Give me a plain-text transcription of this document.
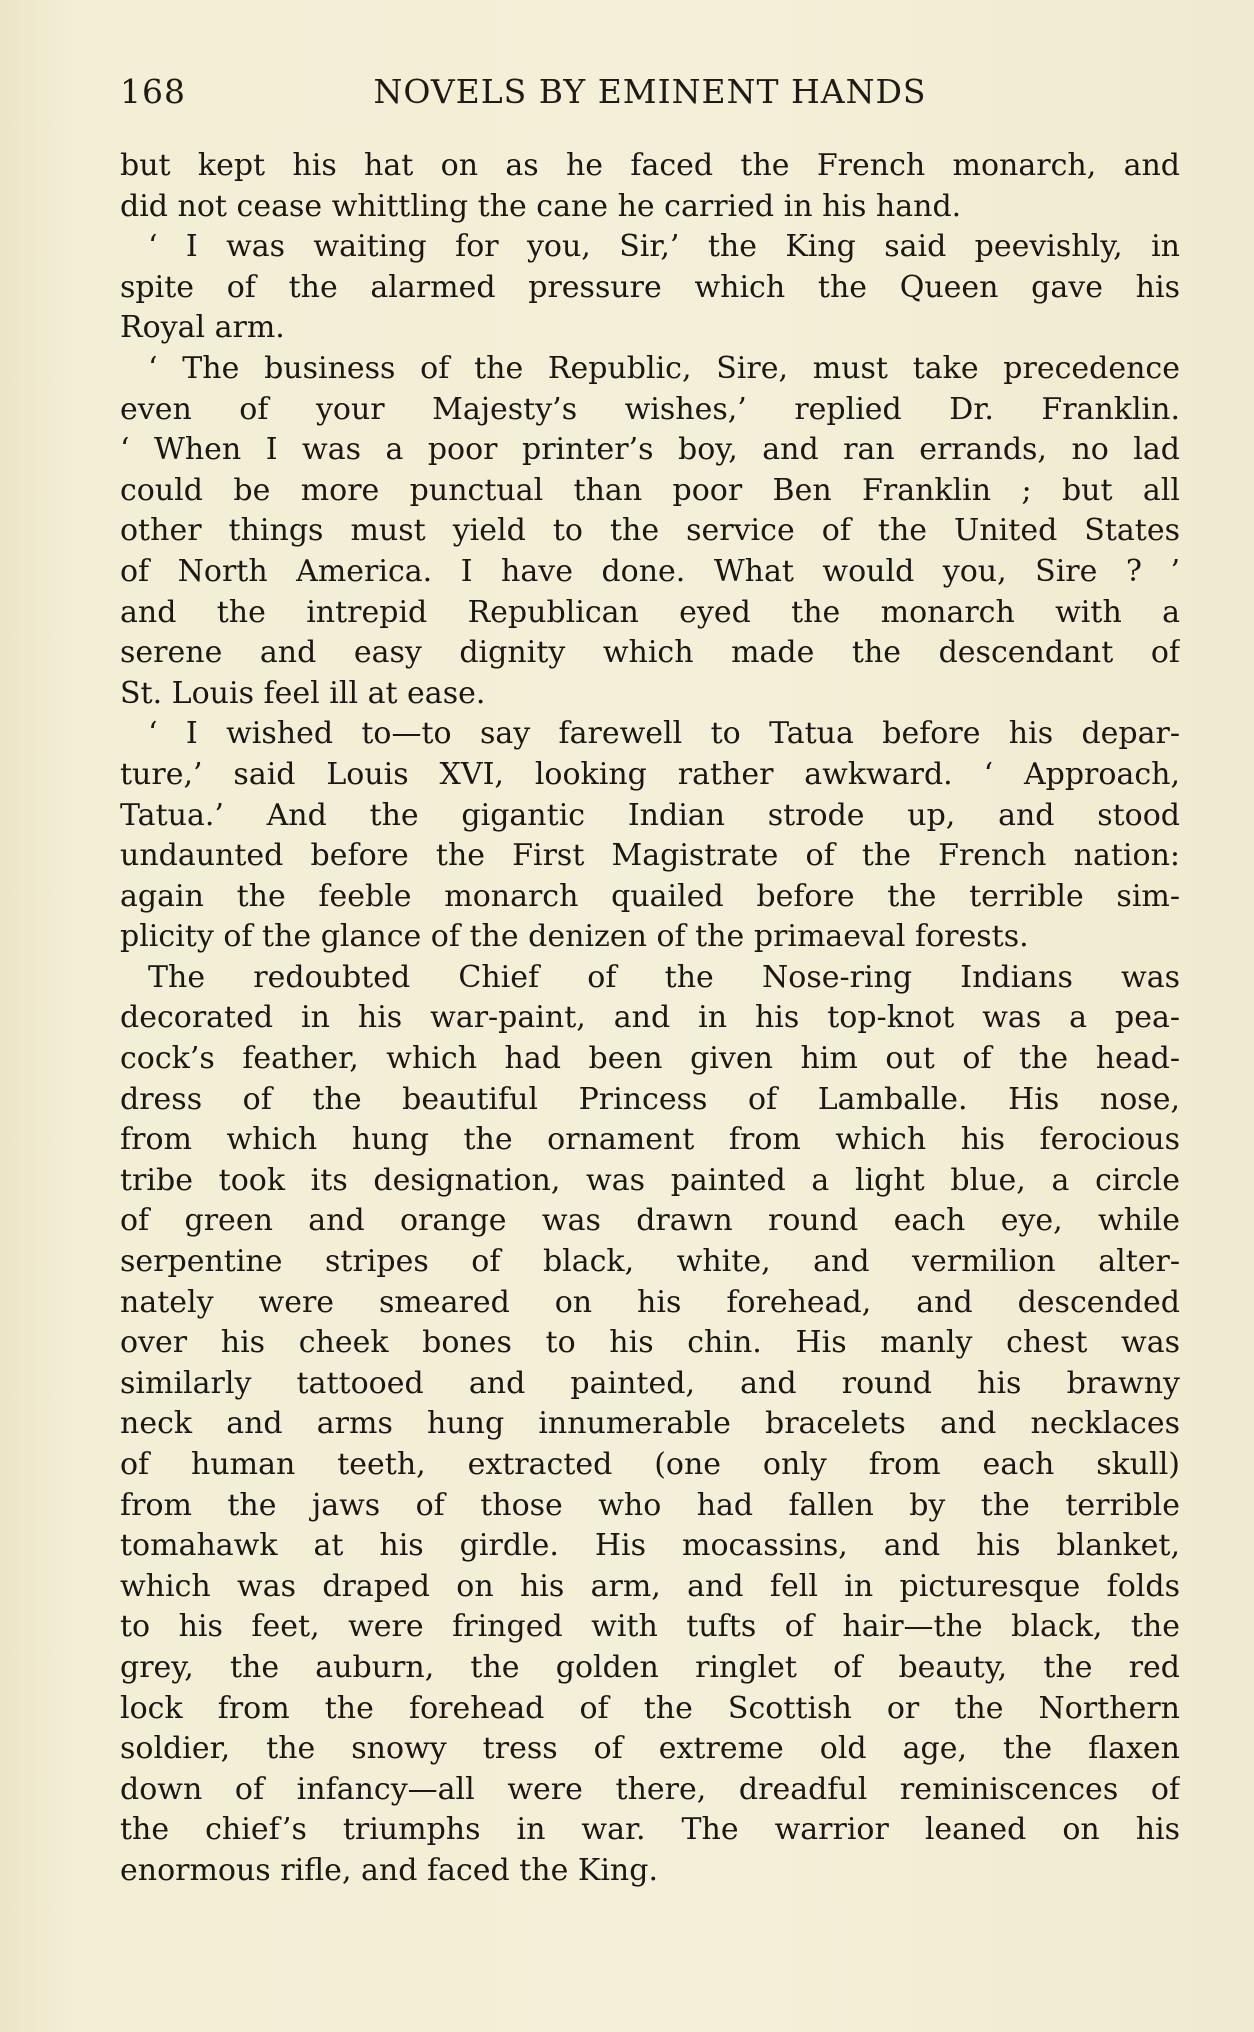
168	NOVELS BY EMINENT HANDS
but kept his hat on as he faced the French monarch, and
did not cease whittling the cane he carried in his hand.
‘ I was waiting for you, Sir,’ the King said peevishly, in
spite of the alarmed pressure which the Queen gave his
Royal arm.
‘ The business of the Republic, Sire, must take precedence
even of your Majesty’s wishes,’ replied Dr. Franklin.
‘ When I was a poor printer’s boy, and ran errands, no lad
could be more punctual than poor Ben Franklin ; but all
other things must yield to the service of the United States
of North America. I have done. What would you, Sire ? ’
and the intrepid Republican eyed the monarch with a
serene and easy dignity which made the descendant of
St. Louis feel ill at ease.
‘ I wished to—to say farewell to Tatua before his depar-
ture,’ said Louis XVI, looking rather awkward. ‘ Approach,
Tatua.’ And the gigantic Indian strode up, and stood
undaunted before the First Magistrate of the French nation:
again the feeble monarch quailed before the terrible sim-
plicity of the glance of the denizen of the primaeval forests.
The redoubted Chief of the Nose-ring Indians was
decorated in his war-paint, and in his top-knot was a pea-
cock’s feather, which had been given him out of the head-
dress of the beautiful Princess of Lamballe. His nose,
from which hung the ornament from which his ferocious
tribe took its designation, was painted a light blue, a circle
of green and orange was drawn round each eye, while
serpentine stripes of black, white, and vermilion alter-
nately were smeared on his forehead, and descended
over his cheek bones to his chin. His manly chest was
similarly tattooed and painted, and round his brawny
neck and arms hung innumerable bracelets and necklaces
of human teeth, extracted (one only from each skull)
from the jaws of those who had fallen by the terrible
tomahawk at his girdle. His mocassins, and his blanket,
which was draped on his arm, and fell in picturesque folds
to his feet, were fringed with tufts of hair—the black, the
grey, the auburn, the golden ringlet of beauty, the red
lock from the forehead of the Scottish or the Northern
soldier, the snowy tress of extreme old age, the flaxen
down of infancy—all were there, dreadful reminiscences of
the chief’s triumphs in war. The warrior leaned on his
enormous rifle, and faced the King.
